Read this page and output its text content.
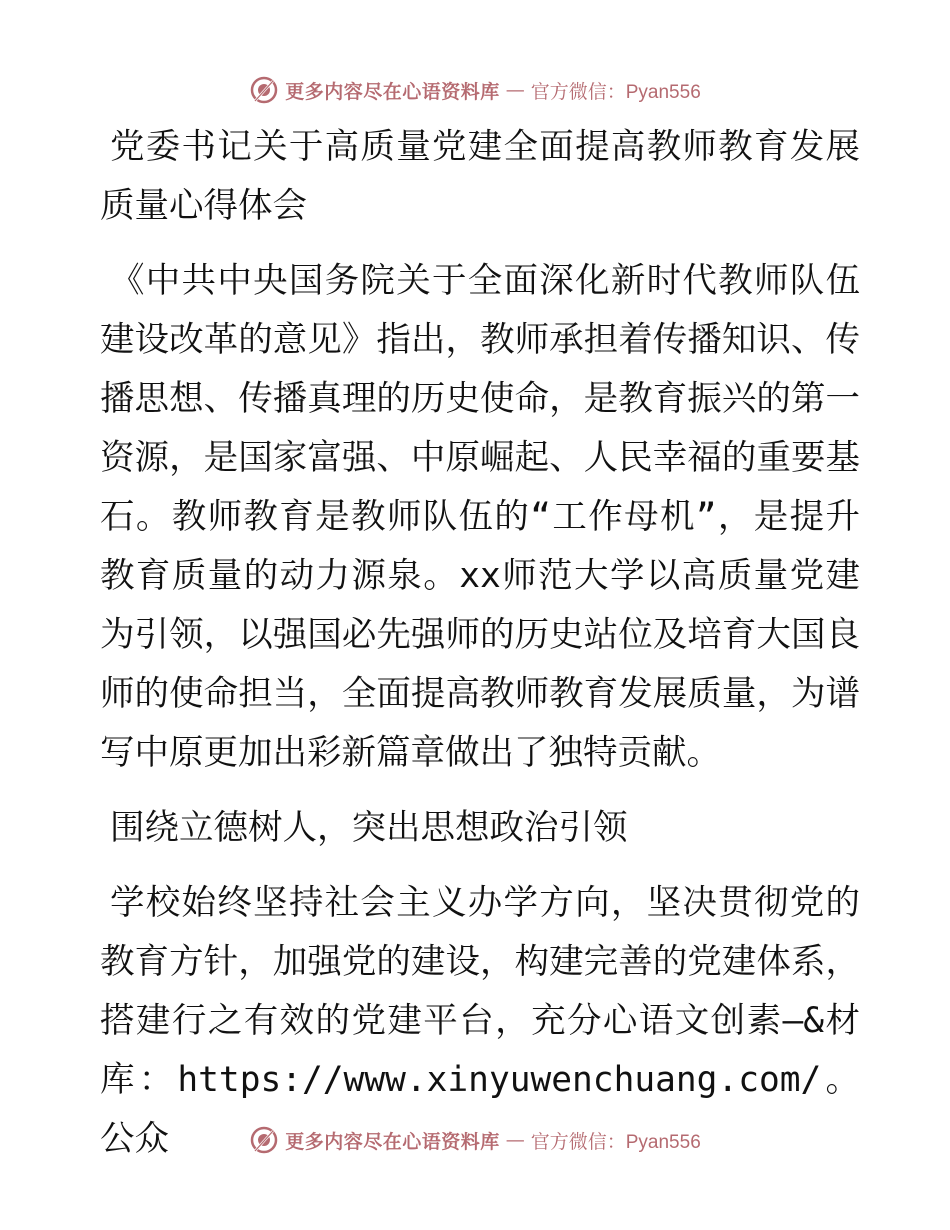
更多内容尽在心语资料库 — 官方微信：Pyan556

党委书记关于高质量党建全面提高教师教育发展质量心得体会

《中共中央国务院关于全面深化新时代教师队伍建设改革的意见》指出，教师承担着传播知识、传播思想、传播真理的历史使命，是教育振兴的第一资源，是国家富强、中原崛起、人民幸福的重要基石。教师教育是教师队伍的“工作母机”，是提升教育质量的动力源泉。xx师范大学以高质量党建为引领，以强国必先强师的历史站位及培育大国良师的使命担当，全面提高教师教育发展质量，为谱写中原更加出彩新篇章做出了独特贡献。

围绕立德树人，突出思想政治引领

学校始终坚持社会主义办学方向，坚决贯彻党的教育方针，加强党的建设，构建完善的党建体系，搭建行之有效的党建平台，充分心语文创素—&材库：https://www.xinyuwenchuang.com/。公众	更多内容尽在心语资料库 — 官方微信：Pyan556
